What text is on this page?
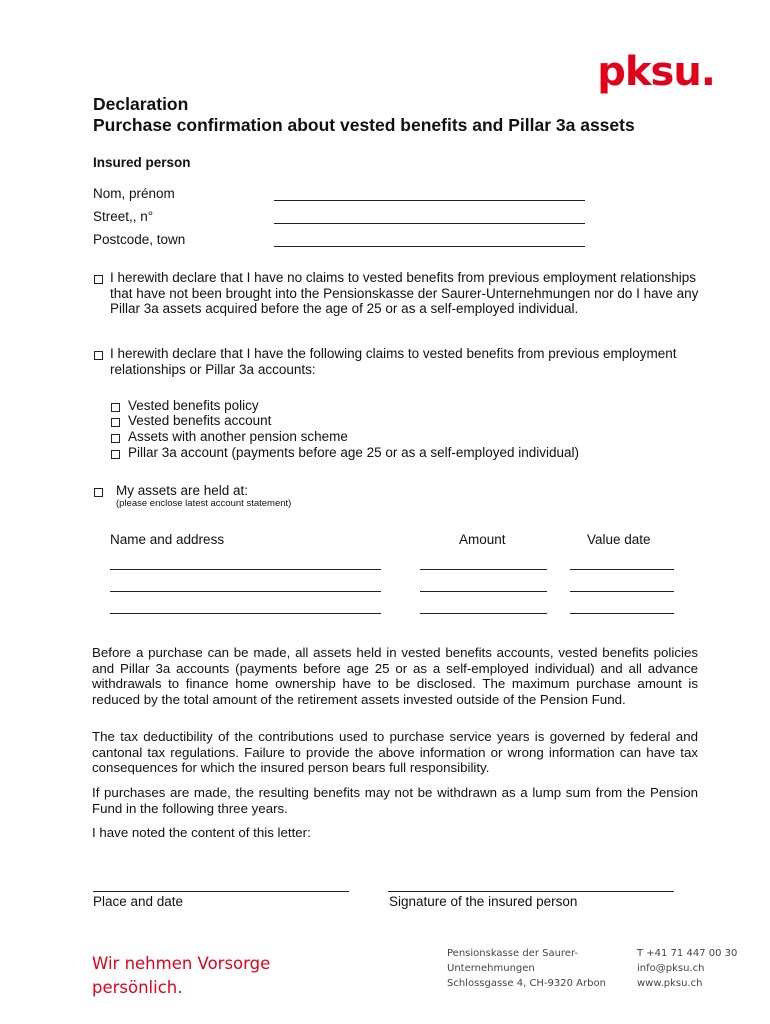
pksu.
Declaration
Purchase confirmation about vested benefits and Pillar 3a assets
Insured person
Nom, prénom
Street,, n°
Postcode, town
I herewith declare that I have no claims to vested benefits from previous employment relationships that have not been brought into the Pensionskasse der Saurer-Unternehmungen nor do I have any Pillar 3a assets acquired before the age of 25 or as a self-employed individual.
I herewith declare that I have the following claims to vested benefits from previous employment relationships or Pillar 3a accounts:
Vested benefits policy
Vested benefits account
Assets with another pension scheme
Pillar 3a account (payments before age 25 or as a self-employed individual)
My assets are held at:
(please enclose latest account statement)
Name and address	Amount	Value date
Before a purchase can be made, all assets held in vested benefits accounts, vested benefits policies and Pillar 3a accounts (payments before age 25 or as a self-employed individual) and all advance withdrawals to finance home ownership have to be disclosed. The maximum purchase amount is reduced by the total amount of the retirement assets invested outside of the Pension Fund.
The tax deductibility of the contributions used to purchase service years is governed by federal and cantonal tax regulations. Failure to provide the above information or wrong information can have tax consequences for which the insured person bears full responsibility.
If purchases are made, the resulting benefits may not be withdrawn as a lump sum from the Pension Fund in the following three years.
I have noted the content of this letter:
Place and date	Signature of the insured person
Wir nehmen Vorsorge
persönlich.
Pensionskasse der Saurer-
Unternehmungen
Schlossgasse 4, CH-9320 Arbon
T +41 71 447 00 30
info@pksu.ch
www.pksu.ch
